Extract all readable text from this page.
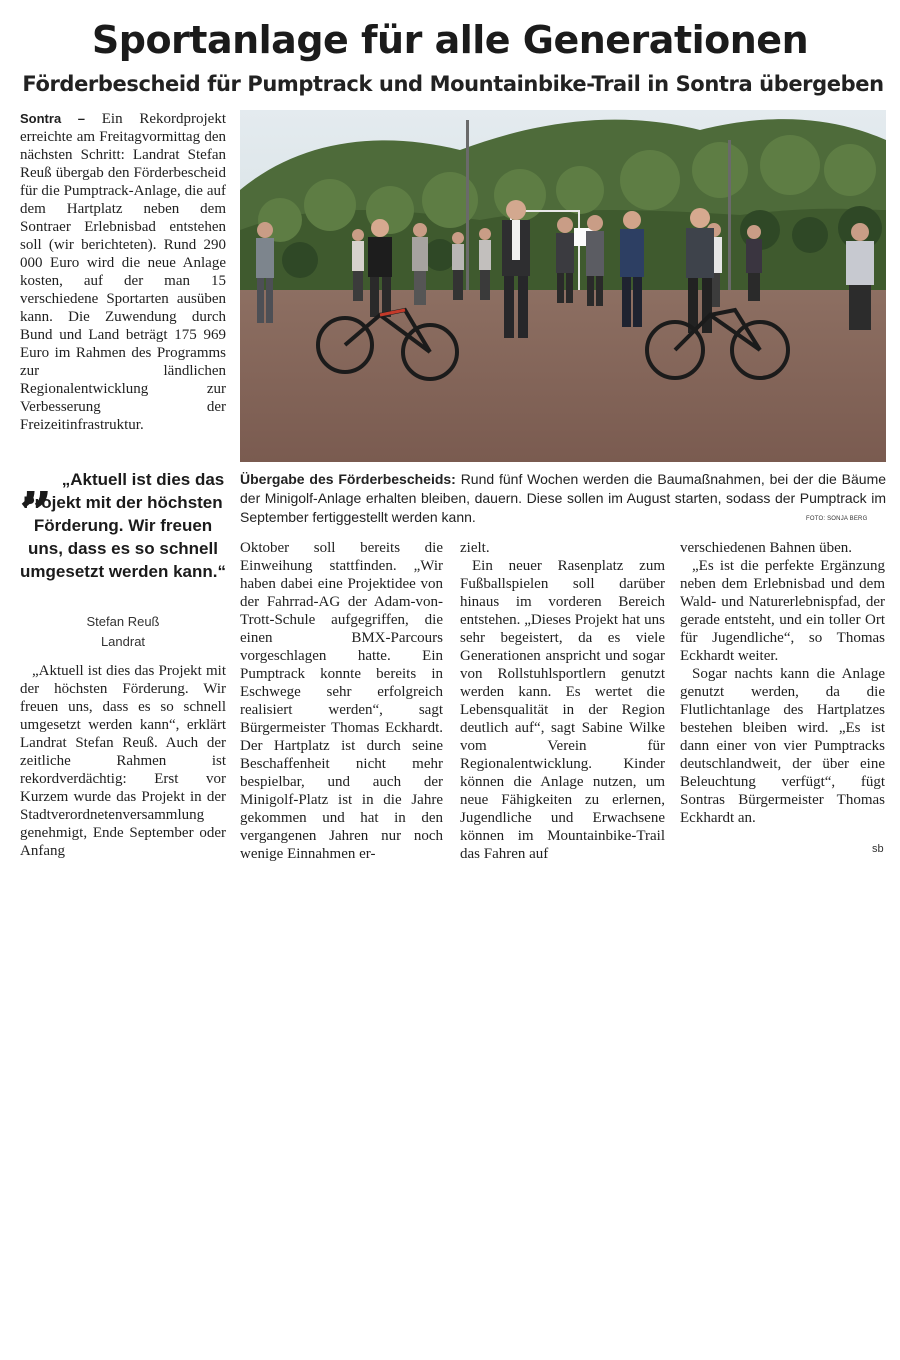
Sportanlage für alle Generationen
Förderbescheid für Pumptrack und Mountainbike-Trail in Sontra übergeben

Sontra – Ein Rekordprojekt erreichte am Freitagvormittag den nächsten Schritt: Landrat Stefan Reuß übergab den Förderbescheid für die Pumptrack-Anlage, die auf dem Hartplatz neben dem Sontraer Erlebnisbad entstehen soll (wir berichteten). Rund 290 000 Euro wird die neue Anlage kosten, auf der man 15 verschiedene Sportarten ausüben kann. Die Zuwendung durch Bund und Land beträgt 175 969 Euro im Rahmen des Programms zur ländlichen Regionalentwicklung zur Verbesserung der Freizeitinfrastruktur.

„ „Aktuell ist dies das
Projekt mit der höchsten Förderung. Wir freuen uns, dass es so schnell umgesetzt werden kann.“
Stefan Reuß
Landrat

„Aktuell ist dies das Projekt mit der höchsten Förderung. Wir freuen uns, dass es so schnell umgesetzt werden kann“, erklärt Landrat Stefan Reuß. Auch der zeitliche Rahmen ist rekordverdächtig: Erst vor Kurzem wurde das Projekt in der Stadtverordnetenversammlung genehmigt, Ende September oder Anfang

Übergabe des Förderbescheids: Rund fünf Wochen werden die Baumaßnahmen, bei der die Bäume der Minigolf-Anlage erhalten bleiben, dauern. Diese sollen im August starten, sodass der Pumptrack im September fertiggestellt werden kann.	FOTO: SONJA BERG

Oktober soll bereits die Einweihung stattfinden. „Wir haben dabei eine Projektidee von der Fahrrad-AG der Adam-von-Trott-Schule aufgegriffen, die einen BMX-Parcours vorgeschlagen hatte. Ein Pumptrack konnte bereits in Eschwege sehr erfolgreich realisiert werden“, sagt Bürgermeister Thomas Eckhardt. Der Hartplatz ist durch seine Beschaffenheit nicht mehr bespielbar, und auch der Minigolf-Platz ist in die Jahre gekommen und hat in den vergangenen Jahren nur noch wenige Einnahmen er-

zielt.

Ein neuer Rasenplatz zum Fußballspielen soll darüber hinaus im vorderen Bereich entstehen. „Dieses Projekt hat uns sehr begeistert, da es viele Generationen anspricht und sogar von Rollstuhlsportlern genutzt werden kann. Es wertet die Lebensqualität in der Region deutlich auf“, sagt Sabine Wilke vom Verein für Regionalentwicklung. Kinder können die Anlage nutzen, um neue Fähigkeiten zu erlernen, Jugendliche und Erwachsene können im Mountainbike-Trail das Fahren auf

verschiedenen Bahnen üben.

„Es ist die perfekte Ergänzung neben dem Erlebnisbad und dem Wald- und Naturerlebnispfad, der gerade entsteht, und ein toller Ort für Jugendliche“, so Thomas Eckhardt weiter.

Sogar nachts kann die Anlage genutzt werden, da die Flutlichtanlage des Hartplatzes bestehen bleiben wird. „Es ist dann einer von vier Pumptracks deutschlandweit, der über eine Beleuchtung verfügt“, fügt Sontras Bürgermeister Thomas Eckhardt an.

sb
